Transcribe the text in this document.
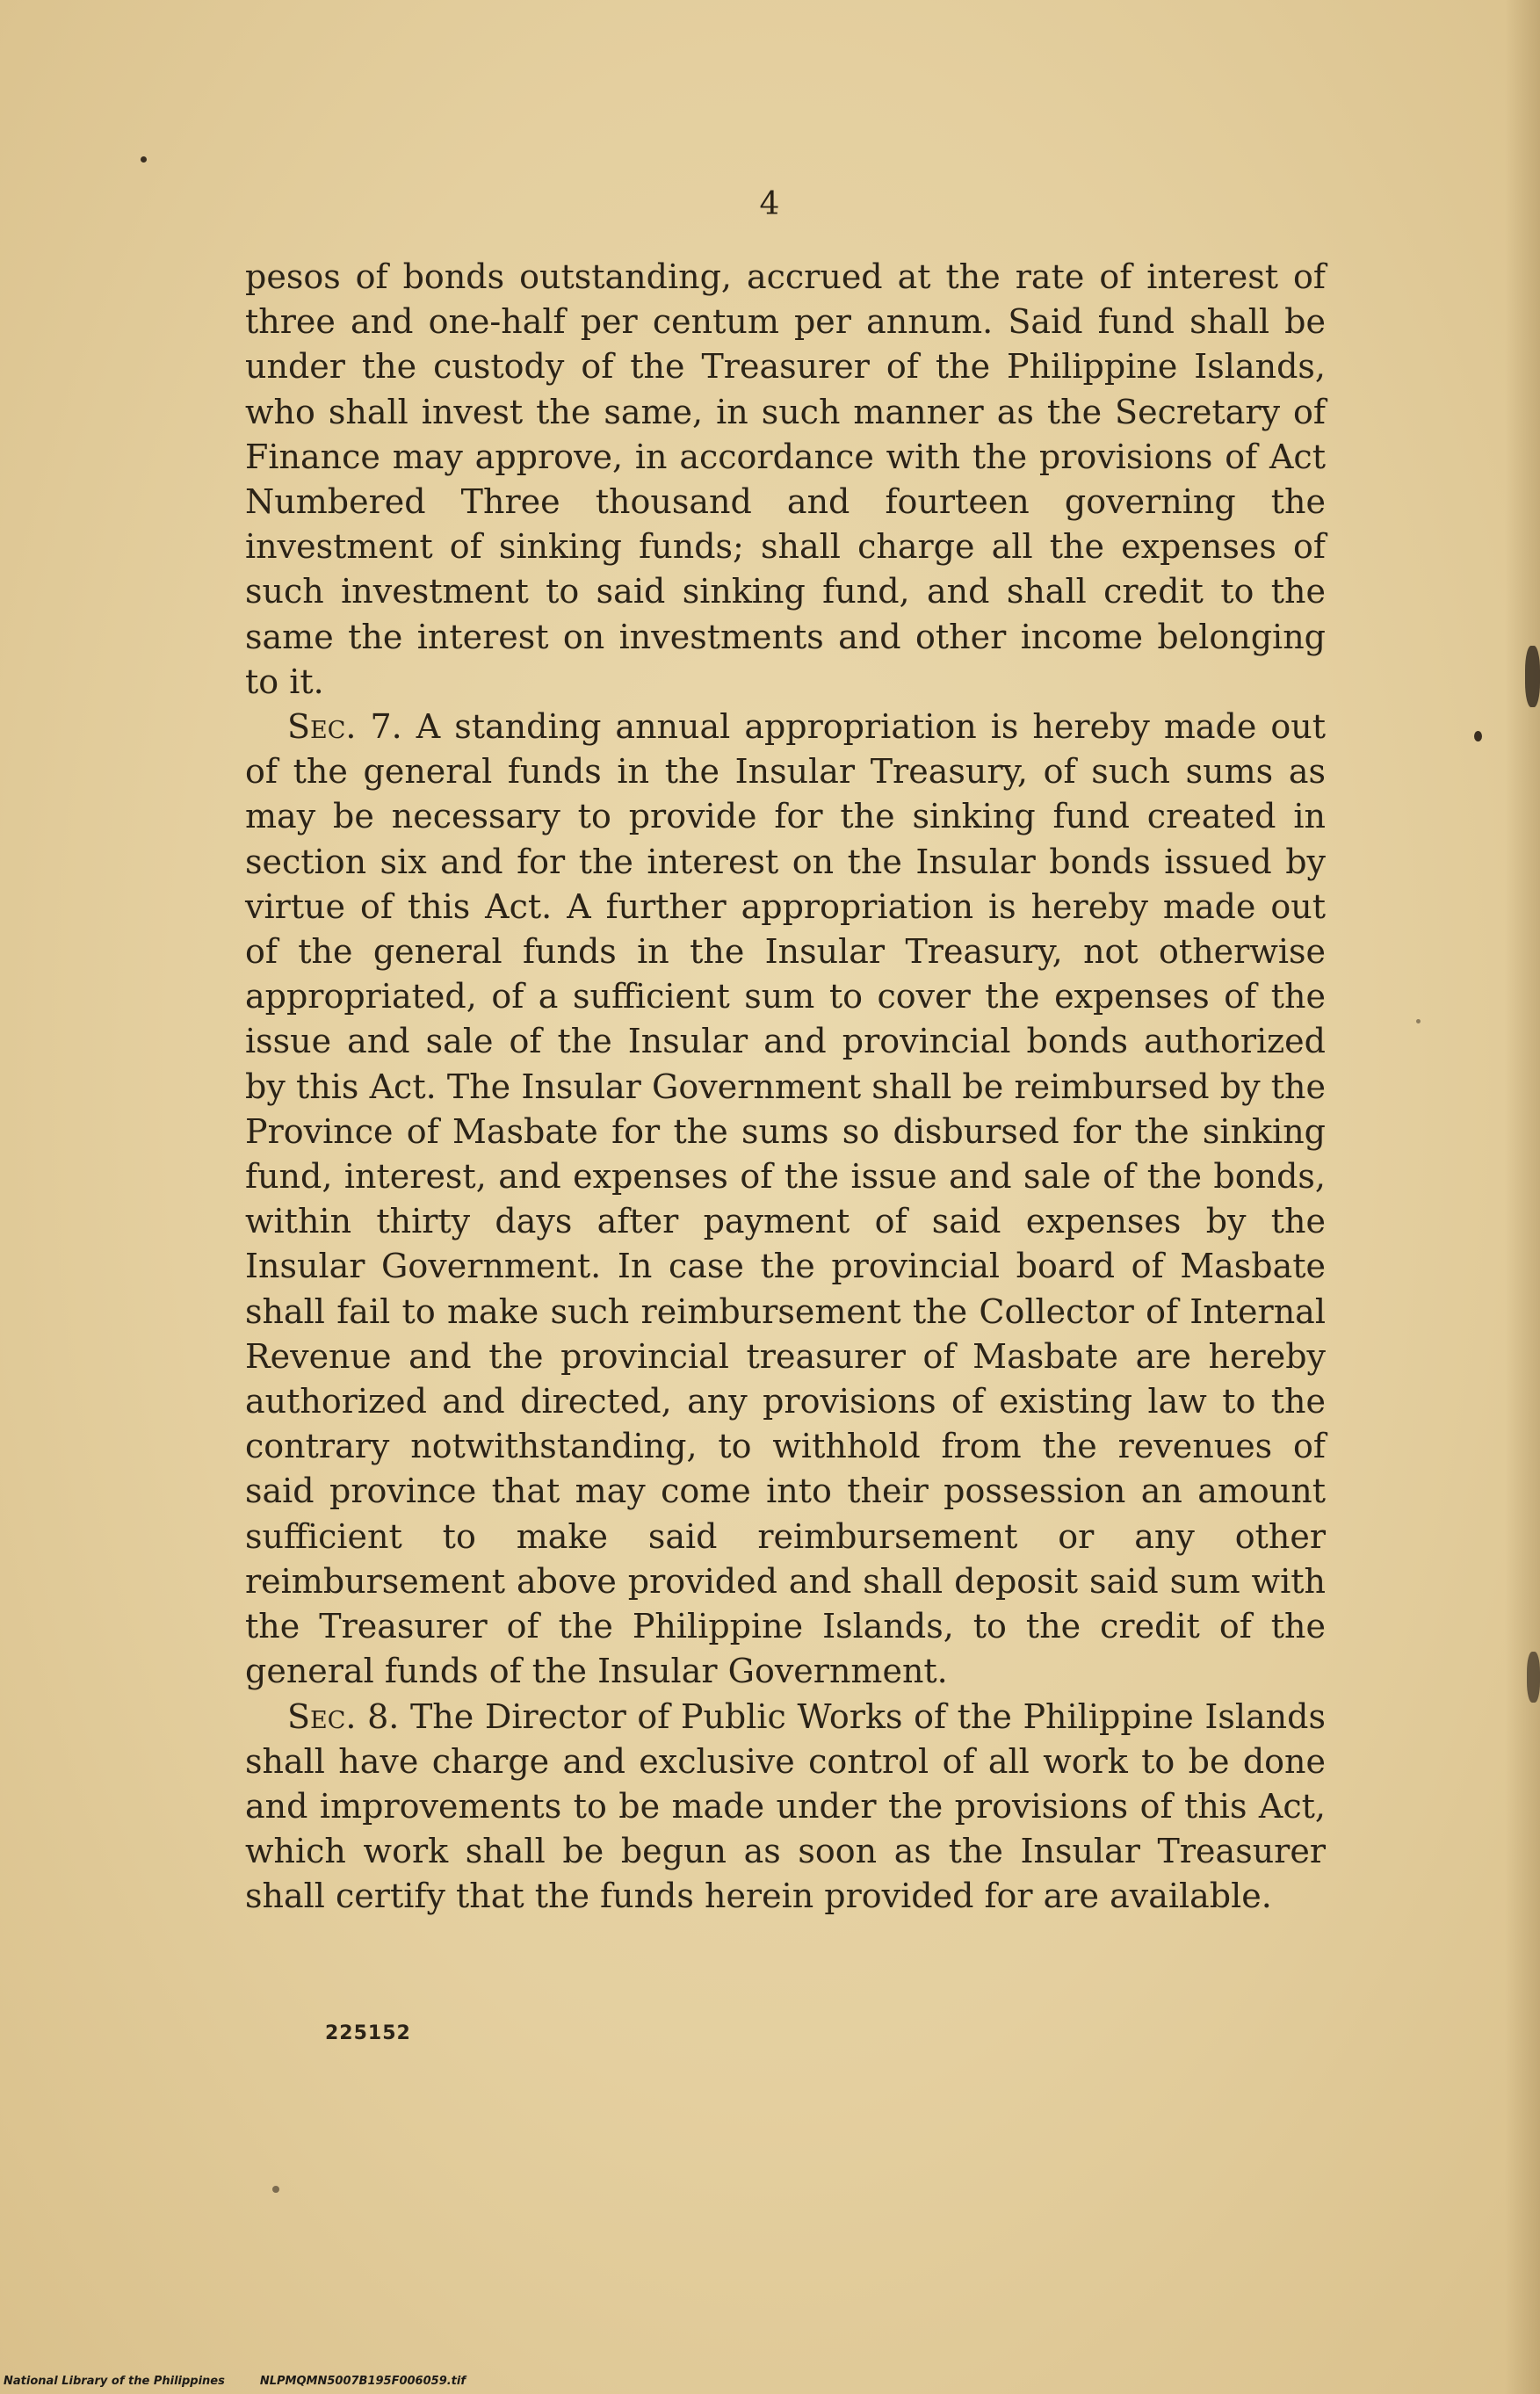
4

pesos of bonds outstanding, accrued at the rate of interest of three and one-half per centum per annum. Said fund shall be under the custody of the Treasurer of the Philippine Islands, who shall invest the same, in such manner as the Secretary of Finance may approve, in accordance with the provisions of Act Numbered Three thousand and fourteen governing the investment of sinking funds; shall charge all the expenses of such investment to said sinking fund, and shall credit to the same the interest on investments and other income belonging to it.

Sec. 7. A standing annual appropriation is hereby made out of the general funds in the Insular Treasury, of such sums as may be necessary to provide for the sinking fund created in section six and for the interest on the Insular bonds issued by virtue of this Act. A further appropriation is hereby made out of the general funds in the Insular Treasury, not otherwise appropriated, of a sufficient sum to cover the expenses of the issue and sale of the Insular and provincial bonds authorized by this Act. The Insular Government shall be reimbursed by the Province of Masbate for the sums so disbursed for the sinking fund, interest, and expenses of the issue and sale of the bonds, within thirty days after payment of said expenses by the Insular Government. In case the provincial board of Masbate shall fail to make such reimbursement the Collector of Internal Revenue and the provincial treasurer of Masbate are hereby authorized and directed, any provisions of existing law to the contrary notwithstanding, to withhold from the revenues of said province that may come into their possession an amount sufficient to make said reimbursement or any other reimbursement above provided and shall deposit said sum with the Treasurer of the Philippine Islands, to the credit of the general funds of the Insular Government.

Sec. 8. The Director of Public Works of the Philippine Islands shall have charge and exclusive control of all work to be done and improvements to be made under the provisions of this Act, which work shall be begun as soon as the Insular Treasurer shall certify that the funds herein provided for are available.

225152
National Library of the Philippines	NLPMQMN5007B195F006059.tif
